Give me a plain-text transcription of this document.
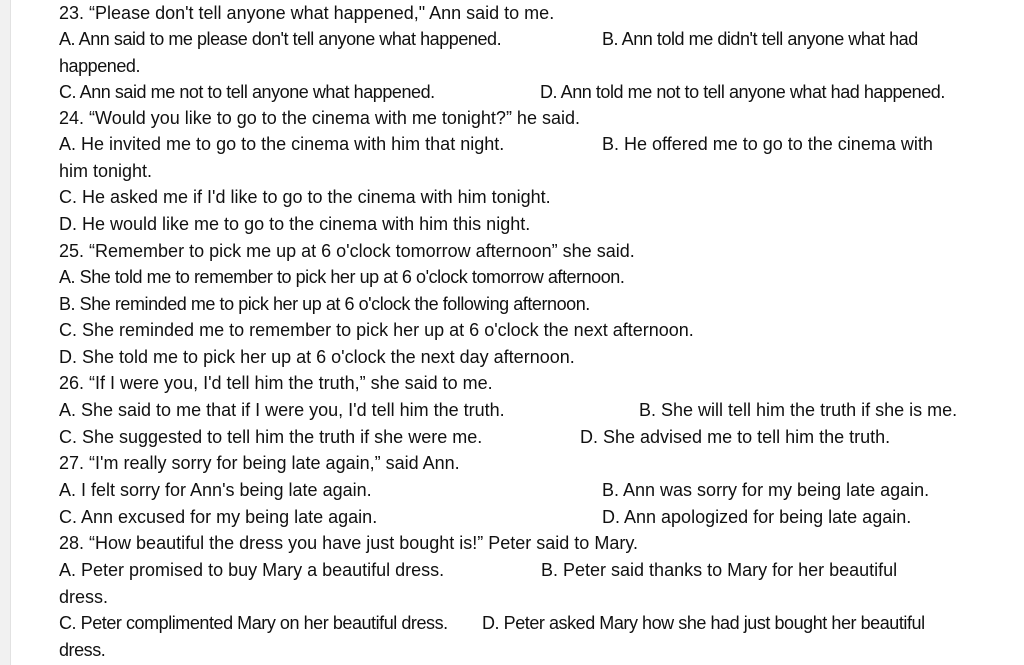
23. “Please don't tell anyone what happened," Ann said to me.

A. Ann said to me please don't tell anyone what happened.	B. Ann told me didn't tell anyone what had

happened.

C. Ann said me not to tell anyone what happened.	D. Ann told me not to tell anyone what had happened.

24. “Would you like to go to the cinema with me tonight?” he said.

A. He invited me to go to the cinema with him that night.	B. He offered me to go to the cinema with

him tonight.

C. He asked me if I'd like to go to the cinema with him tonight.

D. He would like me to go to the cinema with him this night.

25. “Remember to pick me up at 6 o'clock tomorrow afternoon” she said.

A. She told me to remember to pick her up at 6 o'clock tomorrow afternoon.

B. She reminded me to pick her up at 6 o'clock the following afternoon.

C. She reminded me to remember to pick her up at 6 o'clock the next afternoon.

D. She told me to pick her up at 6 o'clock the next day afternoon.

26. “If I were you, I'd tell him the truth,” she said to me.

A. She said to me that if I were you, I'd tell him the truth.	B. She will tell him the truth if she is me.

C. She suggested to tell him the truth if she were me.	D. She advised me to tell him the truth.

27. “I'm really sorry for being late again,” said Ann.

A. I felt sorry for Ann's being late again.	B. Ann was sorry for my being late again.

C. Ann excused for my being late again.	D. Ann apologized for being late again.

28. “How beautiful the dress you have just bought is!” Peter said to Mary.

A. Peter promised to buy Mary a beautiful dress.	B. Peter said thanks to Mary for her beautiful

dress.

C. Peter complimented Mary on her beautiful dress. D. Peter asked Mary how she had just bought her beautiful

dress.
